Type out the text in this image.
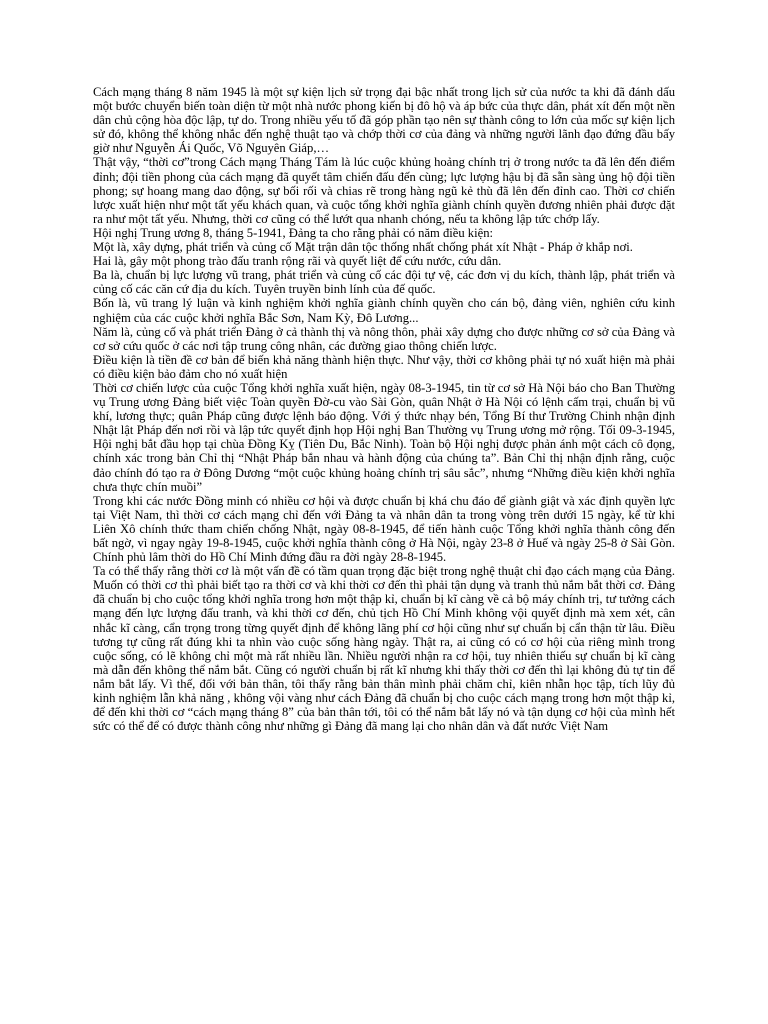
Cách mạng tháng 8 năm 1945 là một sự kiện lịch sử trọng đại bậc nhất trong lịch sử của nước ta khi đã đánh dấu một bước chuyển biến toàn diện từ một nhà nước phong kiến bị đô hộ và áp bức của thực dân, phát xít đến một nền dân chủ cộng hòa độc lập, tự do. Trong nhiều yếu tố đã góp phần tạo nên sự thành công to lớn của mốc sự kiện lịch sử đó, không thể không nhắc đến nghệ thuật tạo và chớp thời cơ của đảng và những người lãnh đạo đứng đầu bấy giờ như Nguyễn Ái Quốc, Võ Nguyên Giáp,…

Thật vậy, “thời cơ”trong Cách mạng Tháng Tám là lúc cuộc khủng hoảng chính trị ở trong nước ta đã lên đến điểm đỉnh; đội tiền phong của cách mạng đã quyết tâm chiến đấu đến cùng; lực lượng hậu bị đã sẵn sàng ủng hộ đội tiền phong; sự hoang mang dao động, sự bối rối và chias rẽ trong hàng ngũ kẻ thù đã lên đến đỉnh cao. Thời cơ chiến lược xuất hiện như một tất yếu khách quan, và cuộc tổng khởi nghĩa giành chính quyền đương nhiên phải được đặt ra như một tất yếu. Nhưng, thời cơ cũng có thể lướt qua nhanh chóng, nếu ta không lập tức chớp lấy.

Hội nghị Trung ương 8, tháng 5-1941, Đảng ta cho rằng phải có năm điều kiện:

Một là, xây dựng, phát triển và củng cố Mặt trận dân tộc thống nhất chống phát xít Nhật - Pháp ở khắp nơi.

Hai là, gây một phong trào đấu tranh rộng rãi và quyết liệt để cứu nước, cứu dân.

Ba là, chuẩn bị lực lượng vũ trang, phát triển và củng cố các đội tự vệ, các đơn vị du kích, thành lập, phát triển và củng cố các căn cứ địa du kích. Tuyên truyền binh lính của đế quốc.

Bốn là, vũ trang lý luận và kinh nghiệm khởi nghĩa giành chính quyền cho cán bộ, đảng viên, nghiên cứu kinh nghiệm của các cuộc khởi nghĩa Bắc Sơn, Nam Kỳ, Đô Lương...

Năm là, củng cố và phát triển Đảng ở cả thành thị và nông thôn, phải xây dựng cho được những cơ sở của Đảng và cơ sở cứu quốc ở các nơi tập trung công nhân, các đường giao thông chiến lược.

Điều kiện là tiền đề cơ bản để biến khả năng thành hiện thực. Như vậy, thời cơ không phải tự nó xuất hiện mà phải có điều kiện bảo đảm cho nó xuất hiện

Thời cơ chiến lược của cuộc Tổng khởi nghĩa xuất hiện, ngày 08-3-1945, tin từ cơ sở Hà Nội báo cho Ban Thường vụ Trung ương Đảng biết việc Toàn quyền Đờ-cu vào Sài Gòn, quân Nhật ở Hà Nội có lệnh cấm trại, chuẩn bị vũ khí, lương thực; quân Pháp cũng được lệnh báo động. Với ý thức nhạy bén, Tổng Bí thư Trường Chinh nhận định Nhật lật Pháp đến nơi rồi và lập tức quyết định họp Hội nghị Ban Thường vụ Trung ương mở rộng. Tối 09-3-1945, Hội nghị bắt đầu họp tại chùa Đồng Kỵ (Tiên Du, Bắc Ninh). Toàn bộ Hội nghị được phản ánh một cách cô đọng, chính xác trong bản Chỉ thị “Nhật Pháp bắn nhau và hành động của chúng ta”. Bản Chỉ thị nhận định rằng, cuộc đảo chính đó tạo ra ở Đông Dương “một cuộc khủng hoảng chính trị sâu sắc”, nhưng “Những điều kiện khởi nghĩa chưa thực chín muồi”

Trong khi các nước Đồng minh có nhiều cơ hội và được chuẩn bị khá chu đáo để giành giật và xác định quyền lực tại Việt Nam, thì thời cơ cách mạng chỉ đến với Đảng ta và nhân dân ta trong vòng trên dưới 15 ngày, kể từ khi Liên Xô chính thức tham chiến chống Nhật, ngày 08-8-1945, để tiến hành cuộc Tổng khởi nghĩa thành công đến bất ngờ, vì ngay ngày 19-8-1945, cuộc khởi nghĩa thành công ở Hà Nội, ngày 23-8 ở Huế và ngày 25-8 ở Sài Gòn. Chính phủ lâm thời do Hồ Chí Minh đứng đầu ra đời ngày 28-8-1945.

Ta có thể thấy rằng thời cơ là một vấn đề có tầm quan trọng đặc biệt trong nghệ thuật chỉ đạo cách mạng của Đảng. Muốn có thời cơ thì phải biết tạo ra thời cơ và khi thời cơ đến thì phải tận dụng và tranh thủ nắm bắt thời cơ. Đảng đã chuẩn bị cho cuộc tổng khởi nghĩa trong hơn một thập kỉ, chuẩn bị kĩ càng về cả bộ máy chính trị, tư tưởng cách mạng đến lực lượng đấu tranh, và khi thời cơ đến, chủ tịch Hồ Chí Minh không vội quyết định mà xem xét, cân nhắc kĩ càng, cẩn trọng trong từng quyết định để không lãng phí cơ hội cũng như sự chuẩn bị cẩn thận từ lâu. Điều tương tự cũng rất đúng khi ta nhìn vào cuộc sống hàng ngày. Thật ra, ai cũng có có cơ hội của riêng mình trong cuộc sống, có lẽ không chỉ một mà rất nhiều lần. Nhiều người nhận ra cơ hội, tuy nhiên thiếu sự chuẩn bị kĩ càng mà dẫn đến không thể nắm bắt. Cũng có người chuẩn bị rất kĩ nhưng khi thấy thời cơ đến thì lại không đủ tự tin để nắm bắt lấy. Vì thế, đối với bản thân, tôi thấy rằng bản thân mình phải chăm chỉ, kiên nhẫn học tập, tích lũy đủ kinh nghiệm lẫn khả năng , không vội vàng như cách Đảng đã chuẩn bị cho cuộc cách mạng trong hơn một thập kỉ, để đến khi thời cơ “cách mạng tháng 8” của bản thân tới, tôi có thể nắm bắt lấy nó và tận dụng cơ hội của mình hết sức có thể để có được thành công như những gì Đảng đã mang lại cho nhân dân và đất nước Việt Nam
